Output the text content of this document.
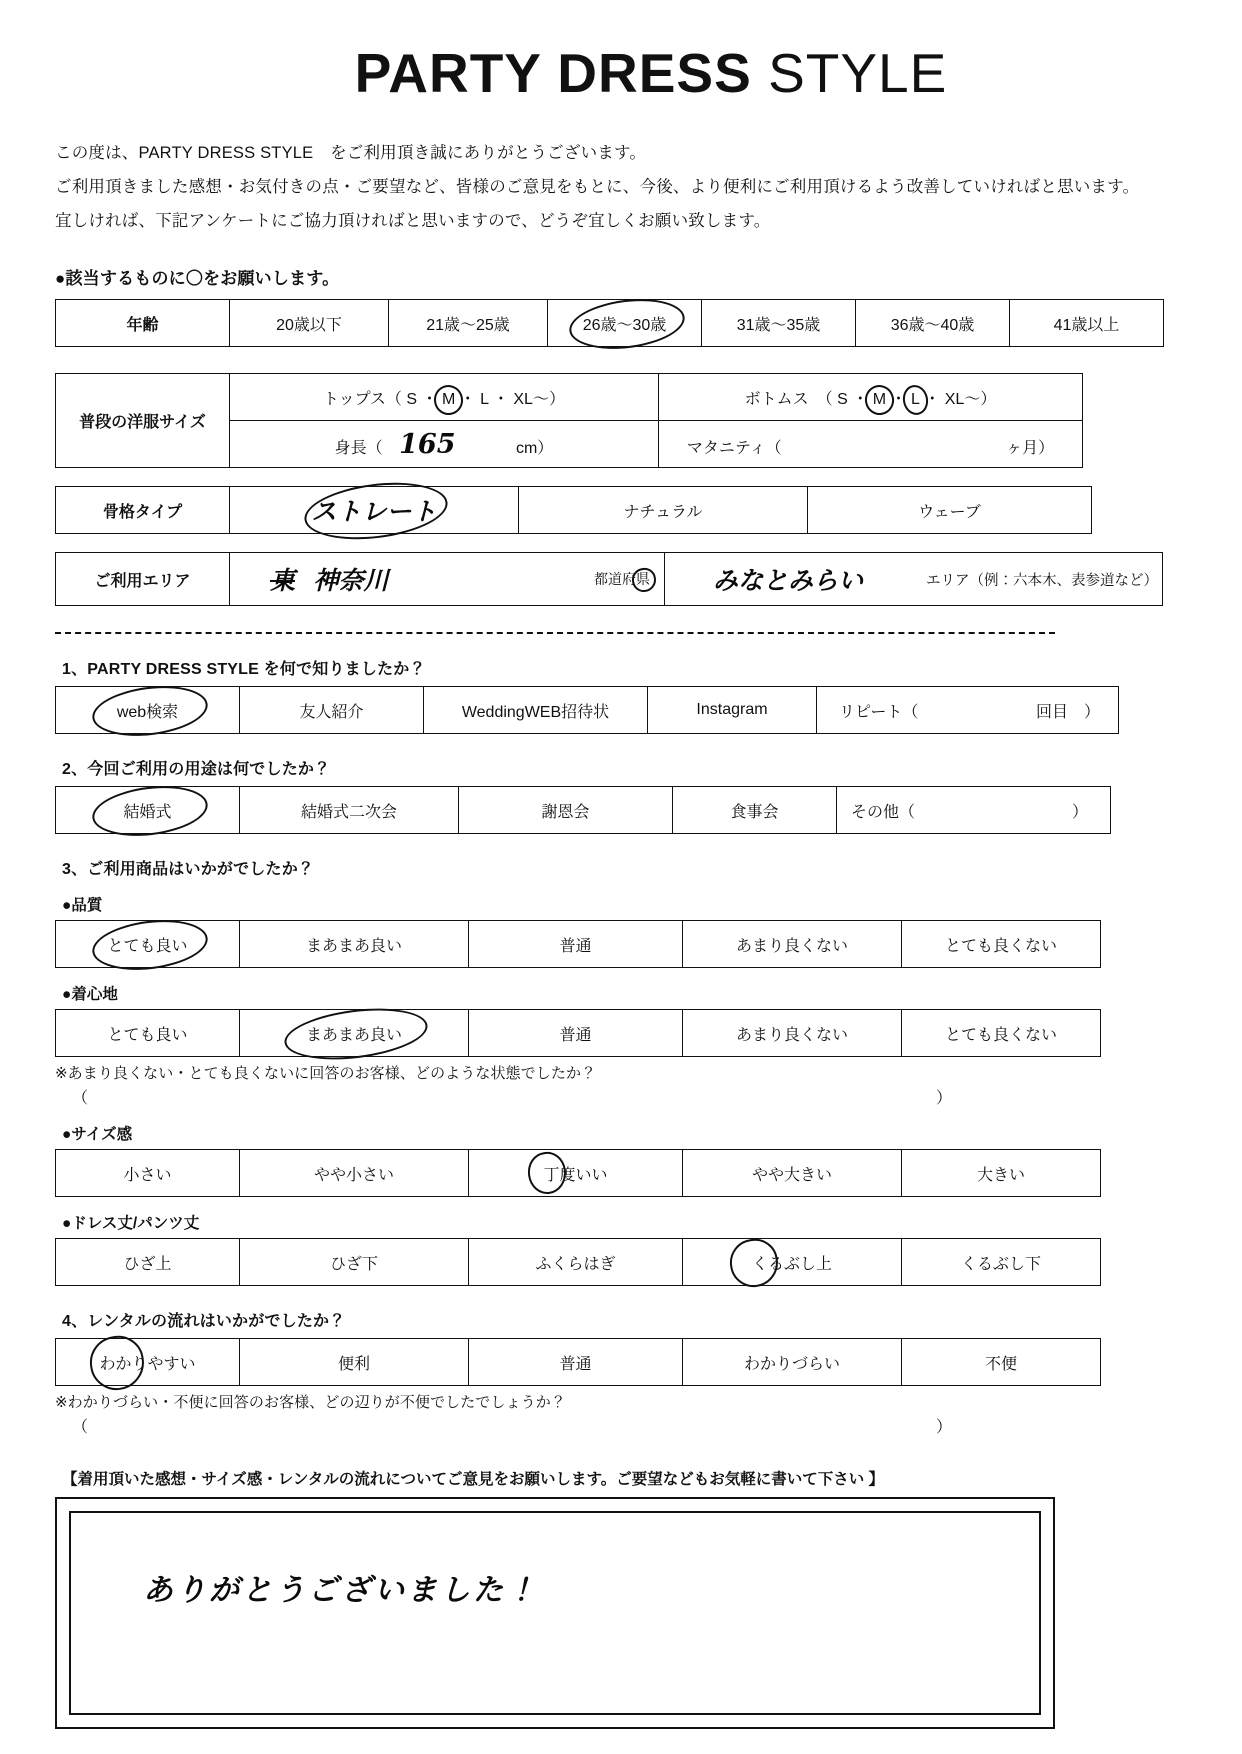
PARTY DRESS STYLE
この度は、PARTY DRESS STYLE　をご利用頂き誠にありがとうございます。
ご利用頂きました感想・お気付きの点・ご要望など、皆様のご意見をもとに、今後、より便利にご利用頂けるよう改善していければと思います。
宜しければ、下記アンケートにご協力頂ければと思いますので、どうぞ宜しくお願い致します。
●該当するものに〇をお願いします。
年齢	20歳以下	21歳〜25歳	26歳〜30歳	31歳〜35歳	36歳〜40歳	41歳以上
普段の洋服サイズ	トップス（ S ・ M ・ L ・ XL〜）	ボトムス　（ S ・ M ・ L ・ XL〜）
	身長（ 165 cm）	マタニティ（ ヶ月）
骨格タイプ	ストレート	ナチュラル	ウェーブ
ご利用エリア	東 神奈川	都道府県	みなとみらい	エリア（例：六本木、表参道など）
1、PARTY DRESS STYLE を何で知りましたか？
web検索	友人紹介	WeddingWEB招待状	Instagram	リピート（	回目　）
2、今回ご利用の用途は何でしたか？
結婚式	結婚式二次会	謝恩会	食事会	その他（	）
3、ご利用商品はいかがでしたか？
●品質
とても良い	まあまあ良い	普通	あまり良くない	とても良くない
●着心地
とても良い	まあまあ良い	普通	あまり良くない	とても良くない
※あまり良くない・とても良くないに回答のお客様、どのような状態でしたか？
（	）
●サイズ感
小さい	やや小さい	丁度いい	やや大きい	大きい
●ドレス丈/パンツ丈
ひざ上	ひざ下	ふくらはぎ	くるぶし上	くるぶし下
4、レンタルの流れはいかがでしたか？
わかりやすい	便利	普通	わかりづらい	不便
※わかりづらい・不便に回答のお客様、どの辺りが不便でしたでしょうか？
（	）
【着用頂いた感想・サイズ感・レンタルの流れについてご意見をお願いします。ご要望などもお気軽に書いて下さい 】
ありがとうございました！
